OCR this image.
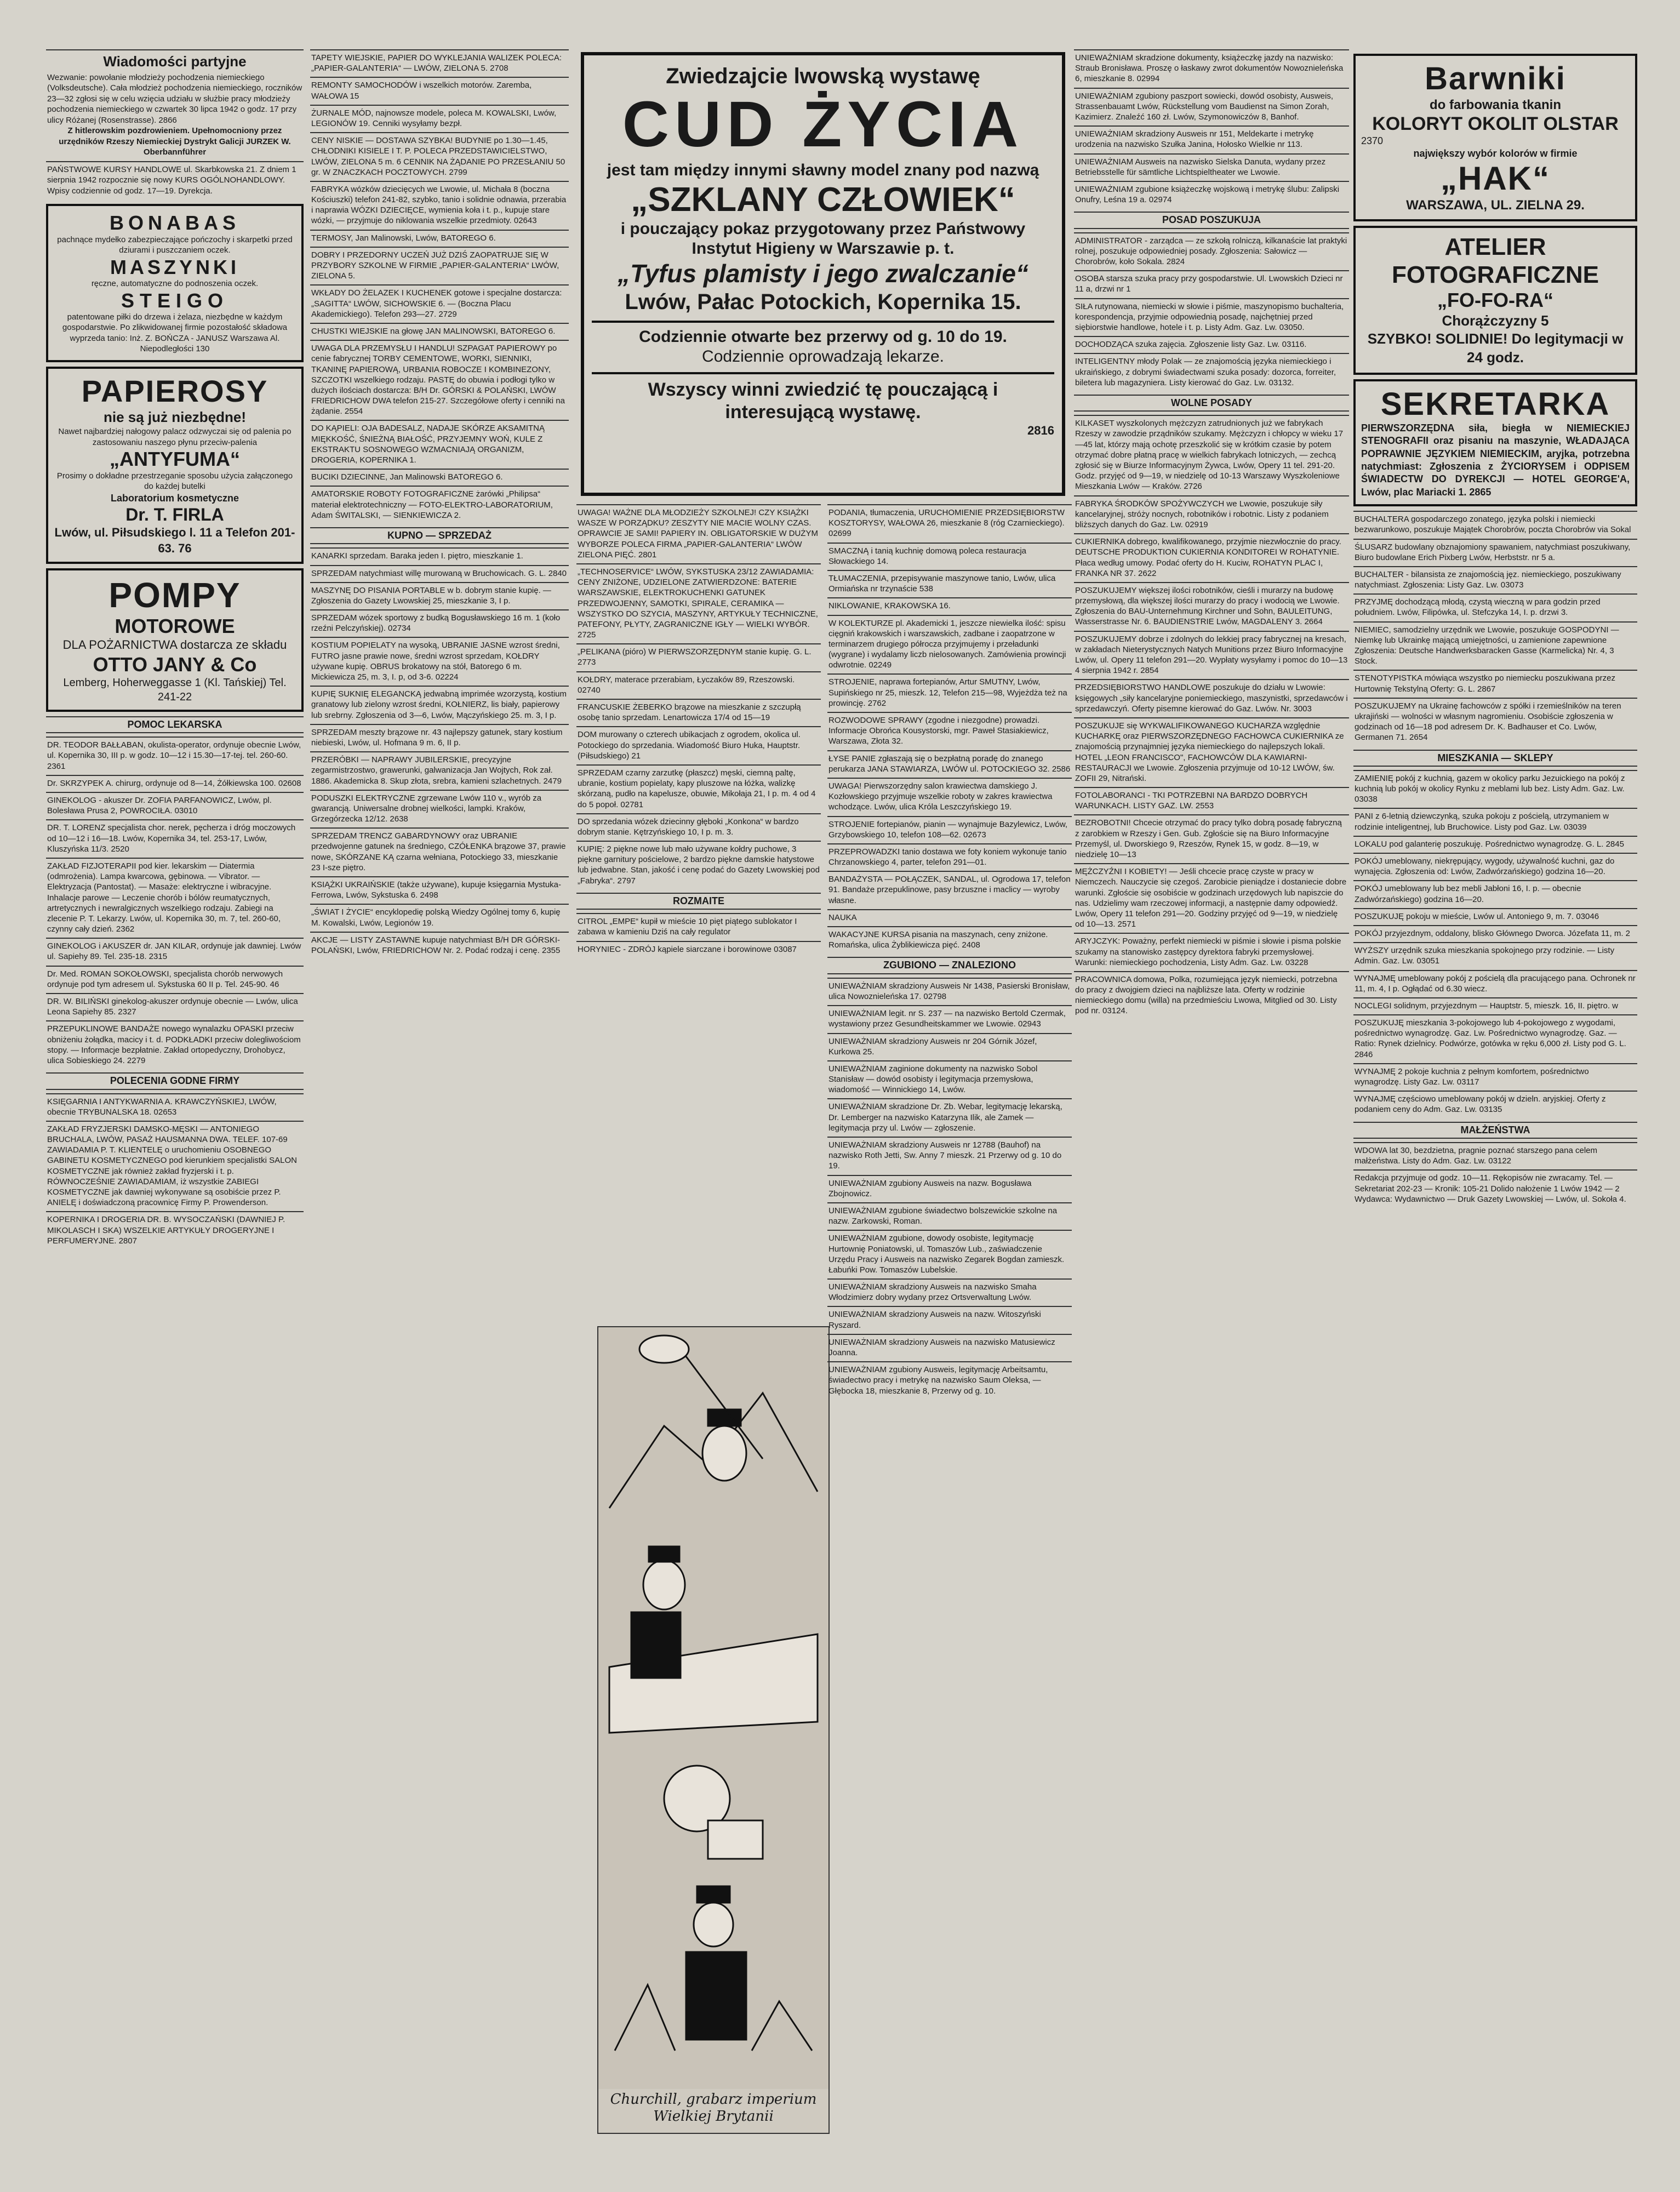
Wiadomości partyjne

Wezwanie: powołanie młodzieży pochodzenia niemieckiego (Volksdeutsche). Cała młodzież pochodzenia niemieckiego, roczników 23—32 zgłosi się w celu wzięcia udziału w służbie pracy młodzieży pochodzenia niemieckiego w czwartek 30 lipca 1942 o godz. 17 przy ulicy Różanej (Rosenstrasse). 2866

Z hitlerowskim pozdrowieniem. Upełnomocniony przez urzędników Rzeszy Niemieckiej Dystrykt Galicji JURZEK W. Oberbannführer

PAŃSTWOWE KURSY HANDLOWE ul. Skarbkowska 21. Z dniem 1 sierpnia 1942 rozpocznie się nowy KURS OGÓLNOHANDLOWY. Wpisy codziennie od godz. 17—19. Dyrekcja.

BONABAS
pachnące mydełko zabezpieczające pończochy i skarpetki przed dziurami i puszczaniem oczek.
MASZYNKI
ręczne, automatyczne do podnoszenia oczek.
STEIGO
patentowane piłki do drzewa i żelaza, niezbędne w każdym gospodarstwie. Po zlikwidowanej firmie pozostałość składowa wyprzeda tanio: Inż. Z. BOŃCZA - JANUSZ Warszawa Al. Niepodległości 130
PAPIEROSY
nie są już niezbędne!
Nawet najbardziej nałogowy palacz odzwyczai się od palenia po zastosowaniu naszego płynu przeciw-palenia
„ANTYFUMA“
Prosimy o dokładne przestrzeganie sposobu użycia załączonego do każdej butelki
Laboratorium kosmetyczne
Dr. T. FIRLA
Lwów, ul. Piłsudskiego l. 11 a Telefon 201-63. 76
POMPY
MOTOROWE
DLA POŻARNICTWA dostarcza ze składu
OTTO JANY & Co
Lemberg, Hoherweggasse 1 (Kl. Tańskiej) Tel. 241-22
POMOC LEKARSKA

DR. TEODOR BAŁŁABAN, okulista-operator, ordynuje obecnie Lwów, ul. Kopernika 30, III p. w godz. 10—12 i 15.30—17-tej. tel. 260-60. 2361

Dr. SKRZYPEK A. chirurg, ordynuje od 8—14, Żółkiewska 100. 02608

GINEKOLOG - akuszer Dr. ZOFIA PARFANOWICZ, Lwów, pl. Bolesława Prusa 2, POWROCIŁA. 03010

DR. T. LORENZ specjalista chor. nerek, pęcherza i dróg moczowych od 10—12 i 16—18. Lwów, Kopernika 34, tel. 253-17, Lwów, Kluszyńska 11/3. 2520

ZAKŁAD FIZJOTERAPII pod kier. lekarskim — Diatermia (odmrożenia). Lampa kwarcowa, gębinowa. — Vibrator. — Elektryzacja (Pantostat). — Masaże: elektryczne i wibracyjne. Inhalacje parowe — Leczenie chorób i bólów reumatycznych, artretycznych i newralgicznych wszelkiego rodzaju. Zabiegi na zlecenie P. T. Lekarzy. Lwów, ul. Kopernika 30, m. 7, tel. 260-60, czynny cały dzień. 2362

GINEKOLOG i AKUSZER dr. JAN KILAR, ordynuje jak dawniej. Lwów ul. Sapiehy 89. Tel. 235-18. 2315

Dr. Med. ROMAN SOKOŁOWSKI, specjalista chorób nerwowych ordynuje pod tym adresem ul. Sykstuska 60 II p. Tel. 245-90. 46

DR. W. BILIŃSKI ginekolog-akuszer ordynuje obecnie — Lwów, ulica Leona Sapiehy 85. 2327

PRZEPUKLINOWE BANDAŻE nowego wynalazku OPASKI przeciw obniżeniu żołądka, macicy i t. d. PODKŁADKI przeciw dolegliwościom stopy. — Informacje bezpłatnie. Zakład ortopedyczny, Drohobycz, ulica Sobieskiego 24. 2279

POLECENIA GODNE FIRMY

KSIĘGARNIA I ANTYKWARNIA A. KRAWCZYŃSKIEJ, LWÓW, obecnie TRYBUNALSKA 18. 02653

ZAKŁAD FRYZJERSKI DAMSKO-MĘSKI — ANTONIEGO BRUCHALA, LWÓW, PASAŻ HAUSMANNA DWA. TELEF. 107-69 ZAWIADAMIA P. T. KLIENTELĘ o uruchomieniu OSOBNEGO GABINETU KOSMETYCZNEGO pod kierunkiem specjalistki SALON KOSMETYCZNE jak również zakład fryzjerski i t. p. RÓWNOCZEŚNIE ZAWIADAMIAM, iż wszystkie ZABIEGI KOSMETYCZNE jak dawniej wykonywane są osobiście przez P. ANIELĘ i doświadczoną pracownicę Firmy P. Prowenderson.

KOPERNIKA I DROGERIA DR. B. WYSOCZAŃSKI (DAWNIEJ P. MIKOLASCH I SKA) WSZELKIE ARTYKUŁY DROGERYJNE I PERFUMERYJNE. 2807

TAPETY WIEJSKIE, PAPIER DO WYKLEJANIA WALIZEK POLECA: „PAPIER-GALANTERIA“ — LWÓW, ZIELONA 5. 2708

REMONTY SAMOCHODÓW i wszelkich motorów. Zaremba, WAŁOWA 15

ŻURNALE MÓD, najnowsze modele, poleca M. KOWALSKI, Lwów, LEGIONÓW 19. Cenniki wysyłamy bezpł.

CENY NISKIE — DOSTAWA SZYBKA! BUDYNIE po 1.30—1.45, CHŁODNIKI KISIELE I T. P. POLECA PRZEDSTAWICIELSTWO, LWÓW, ZIELONA 5 m. 6 CENNIK NA ŻĄDANIE PO PRZESŁANIU 50 gr. W ZNACZKACH POCZTOWYCH. 2799

FABRYKA wózków dziecięcych we Lwowie, ul. Michała 8 (boczna Kościuszki) telefon 241-82, szybko, tanio i solidnie odnawia, przerabia i naprawia WÓZKI DZIECIĘCE, wymienia koła i t. p., kupuje stare wózki, — przyjmuje do niklowania wszelkie przedmioty. 02643

TERMOSY, Jan Malinowski, Lwów, BATOREGO 6.

DOBRY I PRZEDORNY UCZEŃ JUŻ DZIŚ ZAOPATRUJE SIĘ W PRZYBORY SZKOLNE W FIRMIE „PAPIER-GALANTERIA“ LWÓW, ZIELONA 5.

WKŁADY DO ŻELAZEK I KUCHENEK gotowe i specjalne dostarcza: „SAGITTA“ LWÓW, SICHOWSKIE 6. — (Boczna Placu Akademickiego). Telefon 293—27. 2729

CHUSTKI WIEJSKIE na głowę JAN MALINOWSKI, BATOREGO 6.

UWAGA DLA PRZEMYSŁU I HANDLU! SZPAGAT PAPIEROWY po cenie fabrycznej TORBY CEMENTOWE, WORKI, SIENNIKI, TKANINĘ PAPIEROWĄ, URBANIA ROBOCZE I KOMBINEZONY, SZCZOTKI wszelkiego rodzaju. PASTĘ do obuwia i podłogi tylko w dużych ilościach dostarcza: B/H Dr. GÓRSKI & POLAŃSKI, LWÓW FRIEDRICHOW DWA telefon 215-27. Szczegółowe oferty i cenniki na żądanie. 2554

DO KĄPIELI: OJA BADESALZ, NADAJE SKÓRZE AKSAMITNĄ MIĘKKOŚĆ, ŚNIEŻNĄ BIAŁOŚĆ, PRZYJEMNY WOŃ, KULE Z EKSTRAKTU SOSNOWEGO WZMACNIAJĄ ORGANIZM, DROGERIA, KOPERNIKA 1.

BUCIKI DZIECINNE, Jan Malinowski BATOREGO 6.

AMATORSKIE ROBOTY FOTOGRAFICZNE żarówki „Philipsa“ materiał elektrotechniczny — FOTO-ELEKTRO-LABORATORIUM, Adam ŚWITALSKI, — SIENKIEWICZA 2.

KUPNO — SPRZEDAŻ

KANARKI sprzedam. Baraka jeden I. piętro, mieszkanie 1.

SPRZEDAM natychmiast willę murowaną w Bruchowicach. G. L. 2840

MASZYNĘ DO PISANIA PORTABLE w b. dobrym stanie kupię. — Zgłoszenia do Gazety Lwowskiej 25, mieszkanie 3, I p.

SPRZEDAM wózek sportowy z budką Bogusławskiego 16 m. 1 (koło rzeźni Pelczyńskiej). 02734

KOSTIUM POPIELATY na wysoką, UBRANIE JASNE wzrost średni, FUTRO jasne prawie nowe, średni wzrost sprzedam, KOŁDRY używane kupię. OBRUS brokatowy na stół, Batorego 6 m. Mickiewicza 25, m. 3, I. p, od 3-6. 02224

KUPIĘ SUKNIĘ ELEGANCKĄ jedwabną imprimée wzorzystą, kostium granatowy lub zielony wzrost średni, KOŁNIERZ, lis biały, papierowy lub srebrny. Zgłoszenia od 3—6, Lwów, Mączyńskiego 25. m. 3, I p.

SPRZEDAM meszty brązowe nr. 43 najlepszy gatunek, stary kostium niebieski, Lwów, ul. Hofmana 9 m. 6, II p.

PRZERÓBKI — NAPRAWY JUBILERSKIE, precyzyjne zegarmistrzostwo, grawerunki, galwanizacja Jan Wojtych, Rok zał. 1886. Akademicka 8. Skup złota, srebra, kamieni szlachetnych. 2479

PODUSZKI ELEKTRYCZNE zgrzewane Lwów 110 v., wyrób za gwarancją. Uniwersalne drobnej wielkości, lampki. Kraków, Grzegórzecka 12/12. 2638

SPRZEDAM TRENCZ GABARDYNOWY oraz UBRANIE przedwojenne gatunek na średniego, CZÓŁENKA brązowe 37, prawie nowe, SKÓRZANE KĄ czarna wełniana, Potockiego 33, mieszkanie 23 I-sze piętro.

KSIĄŻKI UKRAIŃSKIE (także używane), kupuje księgarnia Mystuka-Ferrowa, Lwów, Sykstuska 6. 2498

„ŚWIAT I ŻYCIE“ encyklopedię polską Wiedzy Ogólnej tomy 6, kupię M. Kowalski, Lwów, Legionów 19.

AKCJE — LISTY ZASTAWNE kupuje natychmiast B/H DR GÓRSKI-POLAŃSKI, Lwów, FRIEDRICHOW Nr. 2. Podać rodzaj i cenę. 2355

Zwiedzajcie lwowską wystawę
CUD ŻYCIA
jest tam między innymi sławny model znany pod nazwą
„SZKLANY CZŁOWIEK“
i pouczający pokaz przygotowany przez Państwowy Instytut Higieny w Warszawie p. t.
„Tyfus plamisty i jego zwalczanie“
Lwów, Pałac Potockich, Kopernika 15.
Codziennie otwarte bez przerwy od g. 10 do 19.
Codziennie oprowadzają lekarze.
Wszyscy winni zwiedzić tę pouczającą i interesującą wystawę.
2816

UWAGA! WAŻNE DLA MŁODZIEŻY SZKOLNEJ! CZY KSIĄŻKI WASZE W PORZĄDKU? ZESZYTY NIE MACIE WOLNY CZAS. OPRAWCIE JE SAMI! PAPIERY IN. OBLIGATORSKIE W DUŻYM WYBORZE POLECA FIRMA „PAPIER-GALANTERIA“ LWÓW ZIELONA PIĘĆ. 2801

„TECHNOSERVICE“ LWÓW, SYKSTUSKA 23/12 ZAWIADAMIA: CENY ZNIŻONE, UDZIELONE ZATWIERDZONE: BATERIE WARSZAWSKIE, ELEKTROKUCHENKI GATUNEK PRZEDWOJENNY, SAMOTKI, SPIRALE, CERAMIKA — WSZYSTKO DO SZYCIA, MASZYNY, ARTYKUŁY TECHNICZNE, PATEFONY, PŁYTY, ZAGRANICZNE IGŁY — WIELKI WYBÓR. 2725

„PELIKANA (pióro) W PIERWSZORZĘDNYM stanie kupię. G. L. 2773

KOŁDRY, materace przerabiam, Łyczaków 89, Rzeszowski. 02740

FRANCUSKIE ŻEBERKO brązowe na mieszkanie z szczupłą osobę tanio sprzedam. Lenartowicza 17/4 od 15—19

DOM murowany o czterech ubikacjach z ogrodem, okolica ul. Potockiego do sprzedania. Wiadomość Biuro Huka, Hauptstr. (Piłsudskiego) 21

SPRZEDAM czarny zarzutkę (płaszcz) męski, ciemną paltę, ubranie, kostium popielaty, kapy pluszowe na łóżka, walizkę skórzaną, pudło na kapelusze, obuwie, Mikołaja 21, I p. m. 4 od 4 do 5 popoł. 02781

DO sprzedania wózek dziecinny głęboki „Konkona“ w bardzo dobrym stanie. Kętrzyńskiego 10, I p. m. 3.

KUPIĘ: 2 piękne nowe lub mało używane kołdry puchowe, 3 piękne garnitury pościelowe, 2 bardzo piękne damskie hatystowe lub jedwabne. Stan, jakość i cenę podać do Gazety Lwowskiej pod „Fabryka“. 2797

ROZMAITE

CITROL „EMPE“ kupił w mieście 10 pięt piątego sublokator I zabawa w kamieniu Dziś na cały regulator

HORYNIEC - ZDRÓJ kąpiele siarczane i borowinowe 03087

Churchill, grabarz imperium Wielkiej Brytanii

PODANIA, tłumaczenia, URUCHOMIENIE PRZEDSIĘBIORSTW KOSZTORYSY, WAŁOWA 26, mieszkanie 8 (róg Czarnieckiego). 02699

SMACZNĄ i tanią kuchnię domową poleca restauracja Słowackiego 14.

TŁUMACZENIA, przepisywanie maszynowe tanio, Lwów, ulica Ormiańska nr trzynaście 538

NIKLOWANIE, KRAKOWSKA 16.

W KOLEKTURZE pl. Akademicki 1, jeszcze niewielka ilość: spisu cięgniń krakowskich i warszawskich, zadbane i zaopatrzone w terminarzem drugiego półrocza przyjmujemy i przeładunki (wygrane) i wydalamy liczb nielosowanych. Zamówienia prowincji odwrotnie. 02249

STROJENIE, naprawa fortepianów, Artur SMUTNY, Lwów, Supińskiego nr 25, mieszk. 12, Telefon 215—98, Wyjeżdża też na prowincję. 2762

ROZWODOWE SPRAWY (zgodne i niezgodne) prowadzi. Informacje Obrońca Kousystorski, mgr. Paweł Stasiakiewicz, Warszawa, Złota 32.

ŁYSE PANIE zgłaszają się o bezpłatną poradę do znanego perukarza JANA STAWIARZA, LWÓW ul. POTOCKIEGO 32. 2586

UWAGA! Pierwszorzędny salon krawiectwa damskiego J. Kozłowskiego przyjmuje wszelkie roboty w zakres krawiectwa wchodzące. Lwów, ulica Króla Leszczyńskiego 19.

STROJENIE fortepianów, pianin — wynajmuje Bazylewicz, Lwów, Grzybowskiego 10, telefon 108—62. 02673

PRZEPROWADZKI tanio dostawa we foty koniem wykonuje tanio Chrzanowskiego 4, parter, telefon 291—01.

BANDAŻYSTA — POŁĄCZEK, SANDAL, ul. Ogrodowa 17, telefon 91. Bandaże przepuklinowe, pasy brzuszne i maclicy — wyroby własne.

NAUKA

WAKACYJNE KURSA pisania na maszynach, ceny zniżone. Romańska, ulica Żyblikiewicza pięć. 2408

ZGUBIONO — ZNALEZIONO

UNIEWAŻNIAM skradziony Ausweis Nr 1438, Pasierski Bronisław, ulica Nowoznieleńska 17. 02798

UNIEWAŻNIAM legit. nr S. 237 — na nazwisko Bertold Czermak, wystawiony przez Gesundheitskammer we Lwowie. 02943

UNIEWAŻNIAM skradziony Ausweis nr 204 Górnik Józef, Kurkowa 25.

UNIEWAŻNIAM zaginione dokumenty na nazwisko Sobol Stanisław — dowód osobisty i legitymacja przemysłowa, wiadomość — Winnickiego 14, Lwów.

UNIEWAŻNIAM skradzione Dr. Zb. Webar, legitymację lekarską, Dr. Lemberger na nazwisko Katarzyna Ilik, ale Zamek — legitymacja przy ul. Lwów — zgłoszenie.

UNIEWAŻNIAM skradziony Ausweis nr 12788 (Bauhof) na nazwisko Roth Jetti, Sw. Anny 7 mieszk. 21 Przerwy od g. 10 do 19.

UNIEWAŻNIAM zgubiony Ausweis na nazw. Bogusława Zbojnowicz.

UNIEWAŻNIAM zgubione świadectwo bolszewickie szkolne na nazw. Zarkowski, Roman.

UNIEWAŻNIAM zgubione, dowody osobiste, legitymację Hurtownię Poniatowski, ul. Tomaszów Lub., zaświadczenie Urzędu Pracy i Ausweis na nazwisko Zegarek Bogdan zamieszk. Łabuńki Pow. Tomaszów Lubelskie.

UNIEWAŻNIAM skradziony Ausweis na nazwisko Smaha Włodzimierz dobry wydany przez Ortsverwaltung Lwów.

UNIEWAŻNIAM skradziony Ausweis na nazw. Witoszyński Ryszard.

UNIEWAŻNIAM skradziony Ausweis na nazwisko Matusiewicz Joanna.

UNIEWAŻNIAM zgubiony Ausweis, legitymację Arbeitsamtu, świadectwo pracy i metrykę na nazwisko Saum Oleksa, — Głębocka 18, mieszkanie 8, Przerwy od g. 10.

UNIEWAŻNIAM skradzione dokumenty, książeczkę jazdy na nazwisko: Straub Bronisława. Proszę o łaskawy zwrot dokumentów Nowoznieleńska 6, mieszkanie 8. 02994

UNIEWAŻNIAM zgubiony paszport sowiecki, dowód osobisty, Ausweis, Strassenbauamt Lwów, Rückstellung vom Baudienst na Simon Zorah, Kazimierz. Znaleźć 160 zł. Lwów, Szymonowiczów 8, Banhof.

UNIEWAŻNIAM skradziony Ausweis nr 151, Meldekarte i metrykę urodzenia na nazwisko Szułka Janina, Hołosko Wielkie nr 113.

UNIEWAŻNIAM Ausweis na nazwisko Sielska Danuta, wydany przez Betriebsstelle für sämtliche Lichtspieltheater we Lwowie.

UNIEWAŻNIAM zgubione książeczkę wojskową i metrykę ślubu: Zalipski Onufry, Leśna 19 a. 02974

POSAD POSZUKUJA

ADMINISTRATOR - zarządca — ze szkołą rolniczą, kilkanaście lat praktyki rolnej, poszukuje odpowiedniej posady. Zgłoszenia: Sałowicz — Chorobrów, koło Sokala. 2824

OSOBA starsza szuka pracy przy gospodarstwie. Ul. Lwowskich Dzieci nr 11 a, drzwi nr 1

SIŁA rutynowana, niemiecki w słowie i piśmie, maszynopismo buchalteria, korespondencja, przyjmie odpowiednią posadę, najchętniej przed siębiorstwie handlowe, hotele i t. p. Listy Adm. Gaz. Lw. 03050.

DOCHODZĄCA szuka zajęcia. Zgłoszenie listy Gaz. Lw. 03116.

INTELIGENTNY młody Polak — ze znajomością języka niemieckiego i ukraińskiego, z dobrymi świadectwami szuka posady: dozorca, forreiter, biletera lub magazyniera. Listy kierować do Gaz. Lw. 03132.

WOLNE POSADY

KILKASET wyszkolonych mężczyzn zatrudnionych już we fabrykach Rzeszy w zawodzie prządników szukamy. Mężczyzn i chłopcy w wieku 17—45 lat, którzy mają ochotę przeszkolić się w krótkim czasie by potem otrzymać dobre płatną pracę w wielkich fabrykach lotniczych, — zechcą zgłosić się w Biurze Informacyjnym Żywca, Lwów, Opery 11 tel. 291-20. Godz. przyjęć od 9—19, w niedzielę od 10-13 Warszawy Wyszkoleniowe Mieszkania Lwów — Kraków. 2726

FABRYKA ŚRODKÓW SPOŻYWCZYCH we Lwowie, poszukuje siły kancelaryjnej, stróży nocnych, robotników i robotnic. Listy z podaniem bliższych danych do Gaz. Lw. 02919

CUKIERNIKA dobrego, kwalifikowanego, przyjmie niezwłocznie do pracy. DEUTSCHE PRODUKTION CUKIERNIA KONDITOREI W ROHATYNIE. Płaca według umowy. Podać oferty do H. Kuciw, ROHATYN PLAC I, FRANKA NR 37. 2622

POSZUKUJEMY większej ilości robotników, cieśli i murarzy na budowę przemysłową, dla większej ilości murarzy do pracy i wodocią we Lwowie. Zgłoszenia do BAU-Unternehmung Kirchner und Sohn, BAULEITUNG, Wasserstrasse Nr. 6. BAUDIENSTRIE Lwów, MAGDALENY 3. 2664

POSZUKUJEMY dobrze i zdolnych do lekkiej pracy fabrycznej na kresach, w zakładach Nieterystycznych Natych Munitions przez Biuro Informacyjne Lwów, ul. Opery 11 telefon 291—20. Wypłaty wysyłamy i pomoc do 10—13 4 sierpnia 1942 r. 2854

PRZEDSIĘBIORSTWO HANDLOWE poszukuje do działu w Lwowie: księgowych „siły kancelaryjne poniemieckiego, maszynistki, sprzedawców i sprzedawczyń. Oferty pisemne kierować do Gaz. Lwów. Nr. 3003

POSZUKUJE się WYKWALIFIKOWANEGO KUCHARZA względnie KUCHARKĘ oraz PIERWSZORZĘDNEGO FACHOWCA CUKIERNIKA ze znajomością przynajmniej języka niemieckiego do najlepszych lokali. HOTEL „LEON FRANCISCO", FACHOWCÓW DLA KAWIARNI-RESTAURACJI we Lwowie. Zgłoszenia przyjmuje od 10-12 LWÓW, św. ZOFII 29, Nitrański.

FOTOLABORANCI - TKI POTRZEBNI NA BARDZO DOBRYCH WARUNKACH. LISTY GAZ. LW. 2553

BEZROBOTNI! Chcecie otrzymać do pracy tylko dobrą posadę fabryczną z zarobkiem w Rzeszy i Gen. Gub. Zgłoście się na Biuro Informacyjne Przemyśl, ul. Dworskiego 9, Rzeszów, Rynek 15, w godz. 8—19, w niedzielę 10—13

MĘŻCZYŹNI I KOBIETY! — Jeśli chcecie pracę czyste w pracy w Niemczech. Nauczycie się czegoś. Zarobicie pieniądze i dostaniecie dobre warunki. Zgłoście się osobiście w godzinach urzędowych lub napiszcie do nas. Udzielimy wam rzeczowej informacji, a następnie damy odpowiedź. Lwów, Opery 11 telefon 291—20. Godziny przyjęć od 9—19, w niedzielę od 10—13. 2571

ARYJCZYK: Poważny, perfekt niemiecki w piśmie i słowie i pisma polskie szukamy na stanowisko zastępcy dyrektora fabryki przemysłowej. Warunki: niemieckiego pochodzenia, Listy Adm. Gaz. Lw. 03228

PRACOWNICA domowa, Polka, rozumiejąca język niemiecki, potrzebna do pracy z dwojgiem dzieci na najbliższe lata. Oferty w rodzinie niemieckiego domu (willa) na przedmieściu Lwowa, Mitglied od 30. Listy pod nr. 03124.

Barwniki
do farbowania tkanin
KOLORYT OKOLIT OLSTAR
2370
największy wybór kolorów w firmie
„HAK“
WARSZAWA, UL. ZIELNA 29.
ATELIER FOTOGRAFICZNE
„FO-FO-RA“
Chorążczyzny 5
SZYBKO! SOLIDNIE! Do legitymacji w 24 godz.
SEKRETARKA
PIERWSZORZĘDNA siła, biegła w NIEMIECKIEJ STENOGRAFII oraz pisaniu na maszynie, WŁADAJĄCA POPRAWNIE JĘZYKIEM NIEMIECKIM, aryjka, potrzebna natychmiast: Zgłoszenia z ŻYCIORYSEM i ODPISEM ŚWIADECTW DO DYREKCJI — HOTEL GEORGE'A, Lwów, plac Mariacki 1. 2865

BUCHALTERA gospodarczego zonatego, języka polski i niemiecki bezwarunkowo, poszukuje Majątek Chorobrów, poczta Chorobrów via Sokal

ŚLUSARZ budowlany obznajomiony spawaniem, natychmiast poszukiwany, Biuro budowlane Erich Pixberg Lwów, Herbststr. nr 5 a.

BUCHALTER - bilansista ze znajomością jęz. niemieckiego, poszukiwany natychmiast. Zgłoszenia: Listy Gaz. Lw. 03073

PRZYJMĘ dochodzącą młodą, czystą wieczną w para godzin przed południem. Lwów, Filipówka, ul. Stefczyka 14, I. p. drzwi 3.

NIEMIEC, samodzielny urzędnik we Lwowie, poszukuje GOSPODYNI — Niemkę lub Ukrainkę mającą umiejętności, u zamienione zapewnione Zgłoszenia: Deutsche Handwerksbaracken Gasse (Karmelicka) Nr. 4, 3 Stock.

STENOTYPISTKA mówiąca wszystko po niemiecku poszukiwana przez Hurtownię Tekstylną Oferty: G. L. 2867

POSZUKUJEMY na Ukrainę fachowców z spółki i rzemieślników na teren ukrajiński — wolności w własnym nagromieniu. Osobiście zgłoszenia w godzinach od 16—18 pod adresem Dr. K. Badhauser et Co. Lwów, Germanen 71. 2654

MIESZKANIA — SKLEPY

ZAMIENIĘ pokój z kuchnią, gazem w okolicy parku Jezuickiego na pokój z kuchnią lub pokój w okolicy Rynku z meblami lub bez. Listy Adm. Gaz. Lw. 03038

PANI z 6-letnią dziewczynką, szuka pokoju z pościelą, utrzymaniem w rodzinie inteligentnej, lub Bruchowice. Listy pod Gaz. Lw. 03039

LOKALU pod galanterię poszukuję. Pośrednictwo wynagrodzę. G. L. 2845

POKÓJ umeblowany, niekrępujący, wygody, używalność kuchni, gaz do wynajęcia. Zgłoszenia od: Lwów, Zadwórzańskiego) godzina 16—20.

POKÓJ umeblowany lub bez mebli Jabłoni 16, I. p. — obecnie Zadwórzańskiego) godzina 16—20.

POSZUKUJĘ pokoju w mieście, Lwów ul. Antoniego 9, m. 7. 03046

POKÓJ przyjezdnym, oddalony, blisko Głównego Dworca. Józefata 11, m. 2

WYŻSZY urzędnik szuka mieszkania spokojnego przy rodzinie. — Listy Admin. Gaz. Lw. 03051

WYNAJMĘ umeblowany pokój z pościelą dla pracującego pana. Ochronek nr 11, m. 4, I p. Ogłądać od 6.30 wiecz.

NOCLEGI solidnym, przyjezdnym — Hauptstr. 5, mieszk. 16, II. piętro. w

POSZUKUJĘ mieszkania 3-pokojowego lub 4-pokojowego z wygodami, pośrednictwo wynagrodzę. Gaz. Lw. Pośrednictwo wynagrodzę. Gaz. — Ratio: Rynek dzielnicy. Podwórze, gotówka w ręku 6,000 zł. Listy pod G. L. 2846

WYNAJMĘ 2 pokoje kuchnia z pełnym komfortem, pośrednictwo wynagrodzę. Listy Gaz. Lw. 03117

WYNAJMĘ częściowo umeblowany pokój w dzieln. aryjskiej. Oferty z podaniem ceny do Adm. Gaz. Lw. 03135

MAŁŻEŃSTWA

WDOWA lat 30, bezdzietna, pragnie poznać starszego pana celem małżeństwa. Listy do Adm. Gaz. Lw. 03122

Redakcja przyjmuje od godz. 10—11. Rękopisów nie zwracamy. Tel. — Sekretariat 202-23 — Kronik: 105-21 Dolido nałożenie 1 Lwów 1942 — 2 Wydawca: Wydawnictwo — Druk Gazety Lwowskiej — Lwów, ul. Sokoła 4.
